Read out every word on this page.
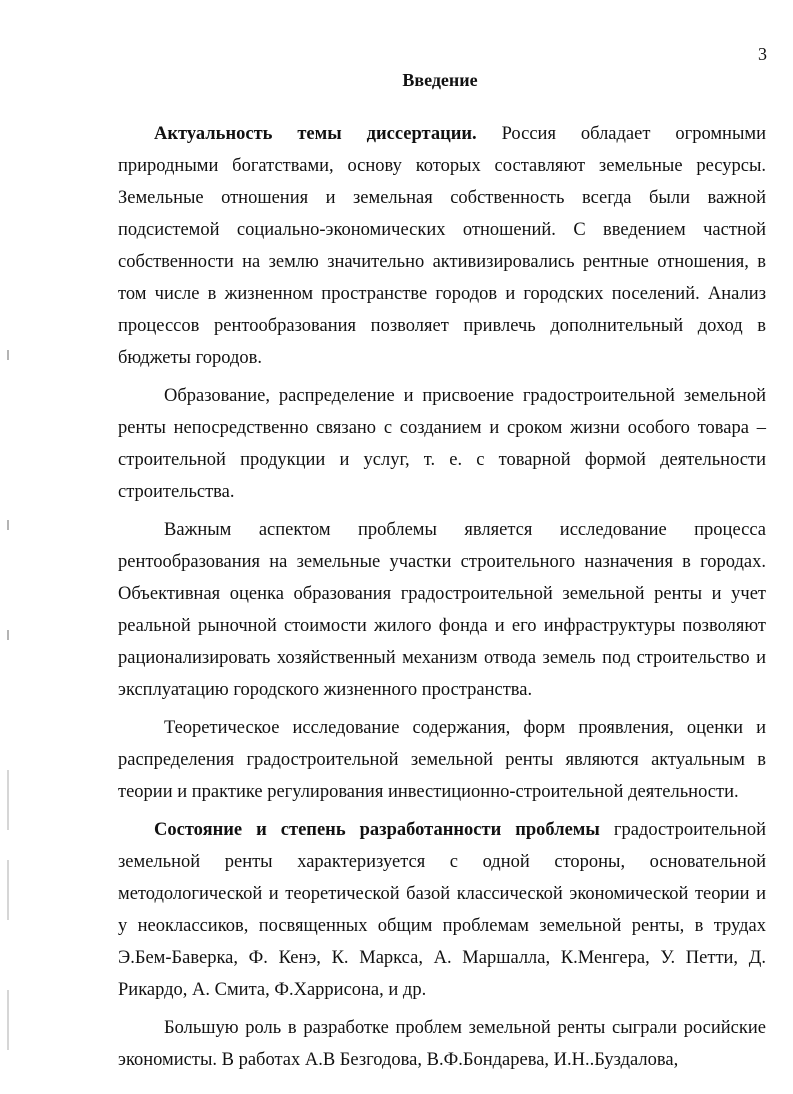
3
Введение

Актуальность темы диссертации. Россия обладает огромными природными богатствами, основу которых составляют земельные ресурсы. Земельные отношения и земельная собственность всегда были важной подсистемой социально-экономических отношений. С введением частной собственности на землю значительно активизировались рентные отношения, в том числе в жизненном пространстве городов и городских поселений. Анализ процессов рентообразования позволяет привлечь дополнительный доход в бюджеты городов.

Образование, распределение и присвоение градостроительной земельной ренты непосредственно связано с созданием и сроком жизни особого товара – строительной продукции и услуг, т. е. с товарной формой деятельности строительства.

Важным аспектом проблемы является исследование процесса рентообразования на земельные участки строительного назначения в городах. Объективная оценка образования градостроительной земельной ренты и учет реальной рыночной стоимости жилого фонда и его инфраструктуры позволяют рационализировать хозяйственный механизм отвода земель под строительство и эксплуатацию городского жизненного пространства.

Теоретическое исследование содержания, форм проявления, оценки и распределения градостроительной земельной ренты являются актуальным в теории и практике регулирования инвестиционно-строительной деятельности.

Состояние и степень разработанности проблемы градостроительной земельной ренты характеризуется с одной стороны, основательной методологической и теоретической базой классической экономической теории и у неоклассиков, посвященных общим проблемам земельной ренты, в трудах Э.Бем-Баверка, Ф. Кенэ, К. Маркса, А. Маршалла, К.Менгера, У. Петти, Д. Рикардо, А. Смита, Ф.Харрисона, и др.

Большую роль в разработке проблем земельной ренты сыграли росийские экономисты. В работах А.В Безгодова, В.Ф.Бондарева, И.Н..Буздалова,
